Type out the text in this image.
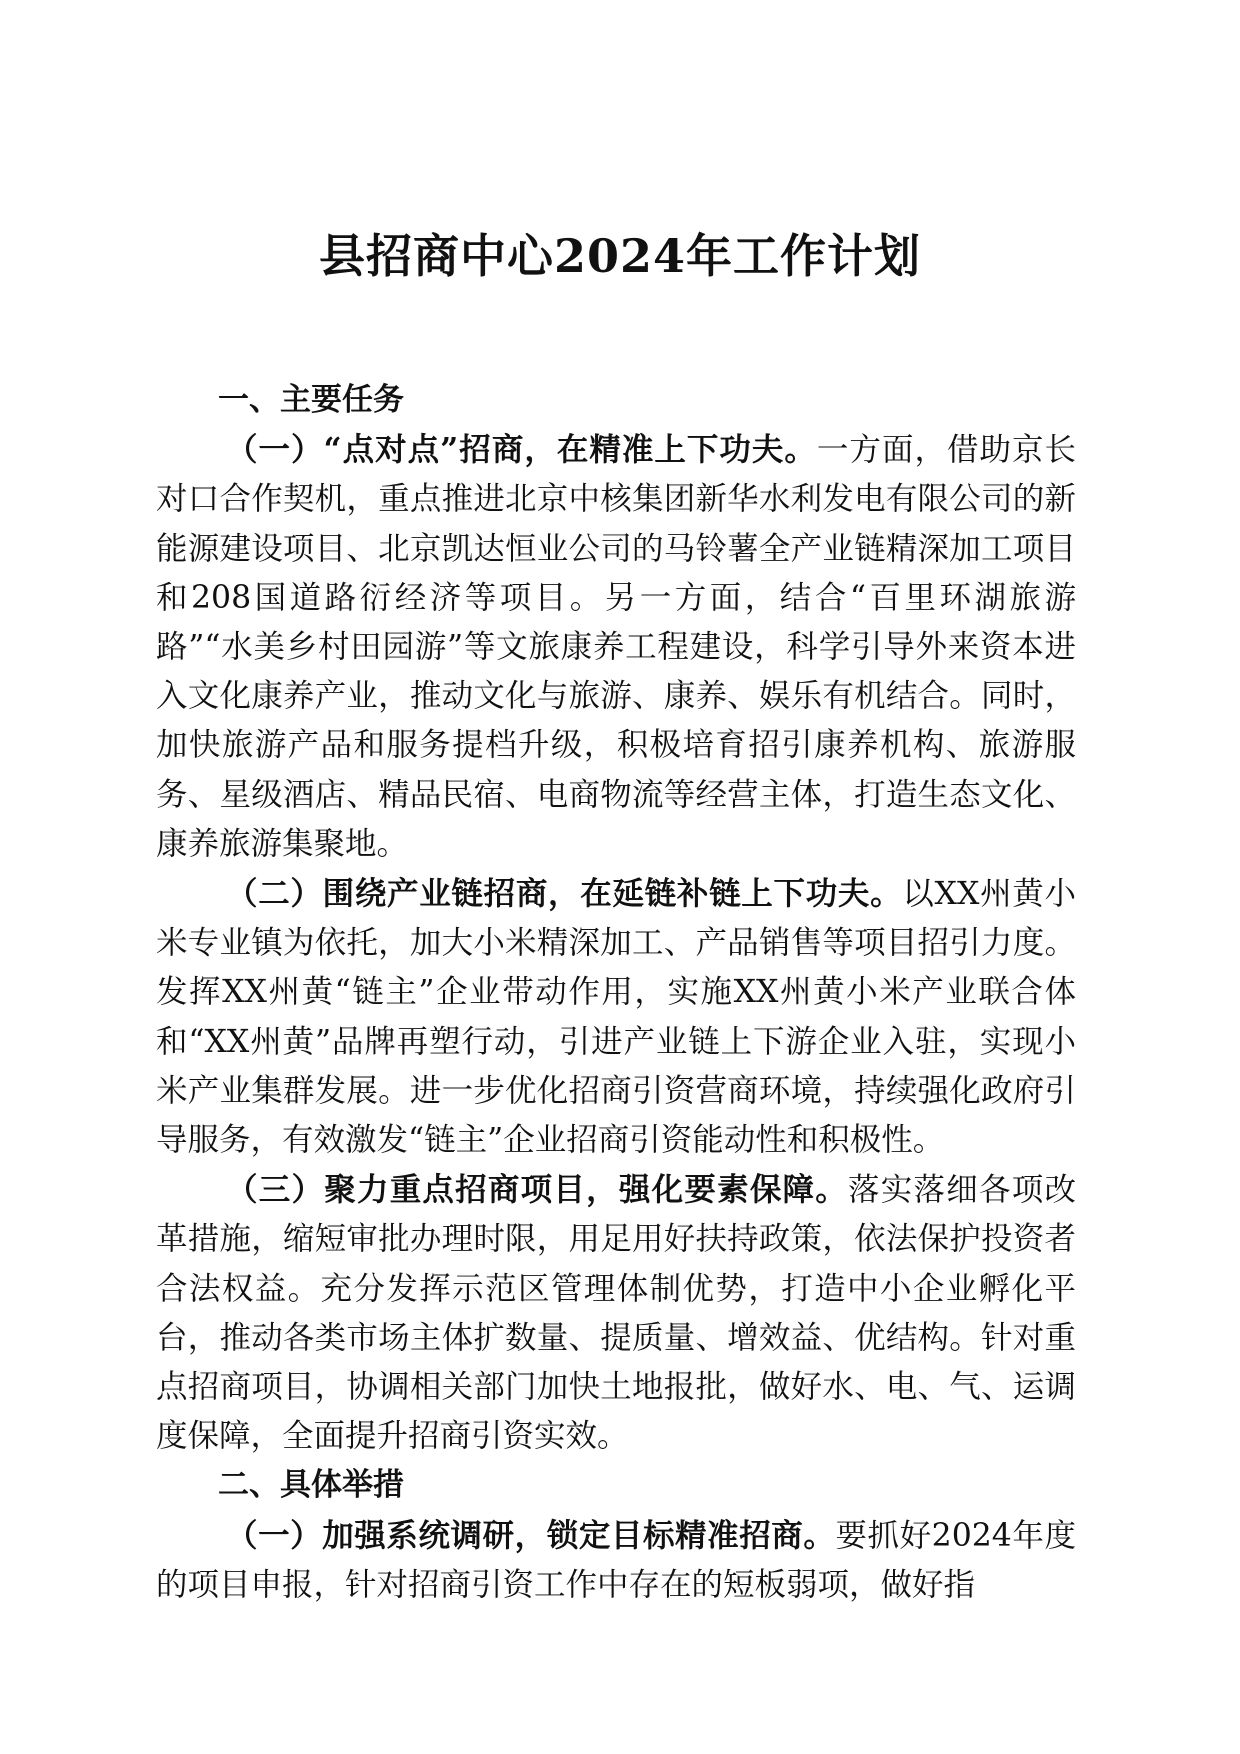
县招商中心2024年工作计划

一、主要任务

（一）“点对点”招商，在精准上下功夫。一方面，借助京长对口合作契机，重点推进北京中核集团新华水利发电有限公司的新能源建设项目、北京凯达恒业公司的马铃薯全产业链精深加工项目和208国道路衍经济等项目。另一方面，结合“百里环湖旅游路”“水美乡村田园游”等文旅康养工程建设，科学引导外来资本进入文化康养产业，推动文化与旅游、康养、娱乐有机结合。同时，加快旅游产品和服务提档升级，积极培育招引康养机构、旅游服务、星级酒店、精品民宿、电商物流等经营主体，打造生态文化、康养旅游集聚地。

（二）围绕产业链招商，在延链补链上下功夫。以XX州黄小米专业镇为依托，加大小米精深加工、产品销售等项目招引力度。发挥XX州黄“链主”企业带动作用，实施XX州黄小米产业联合体和“XX州黄”品牌再塑行动，引进产业链上下游企业入驻，实现小米产业集群发展。进一步优化招商引资营商环境，持续强化政府引导服务，有效激发“链主”企业招商引资能动性和积极性。

（三）聚力重点招商项目，强化要素保障。落实落细各项改革措施，缩短审批办理时限，用足用好扶持政策，依法保护投资者合法权益。充分发挥示范区管理体制优势，打造中小企业孵化平台，推动各类市场主体扩数量、提质量、增效益、优结构。针对重点招商项目，协调相关部门加快土地报批，做好水、电、气、运调度保障，全面提升招商引资实效。

二、具体举措

（一）加强系统调研，锁定目标精准招商。要抓好2024年度的项目申报，针对招商引资工作中存在的短板弱项，做好指
